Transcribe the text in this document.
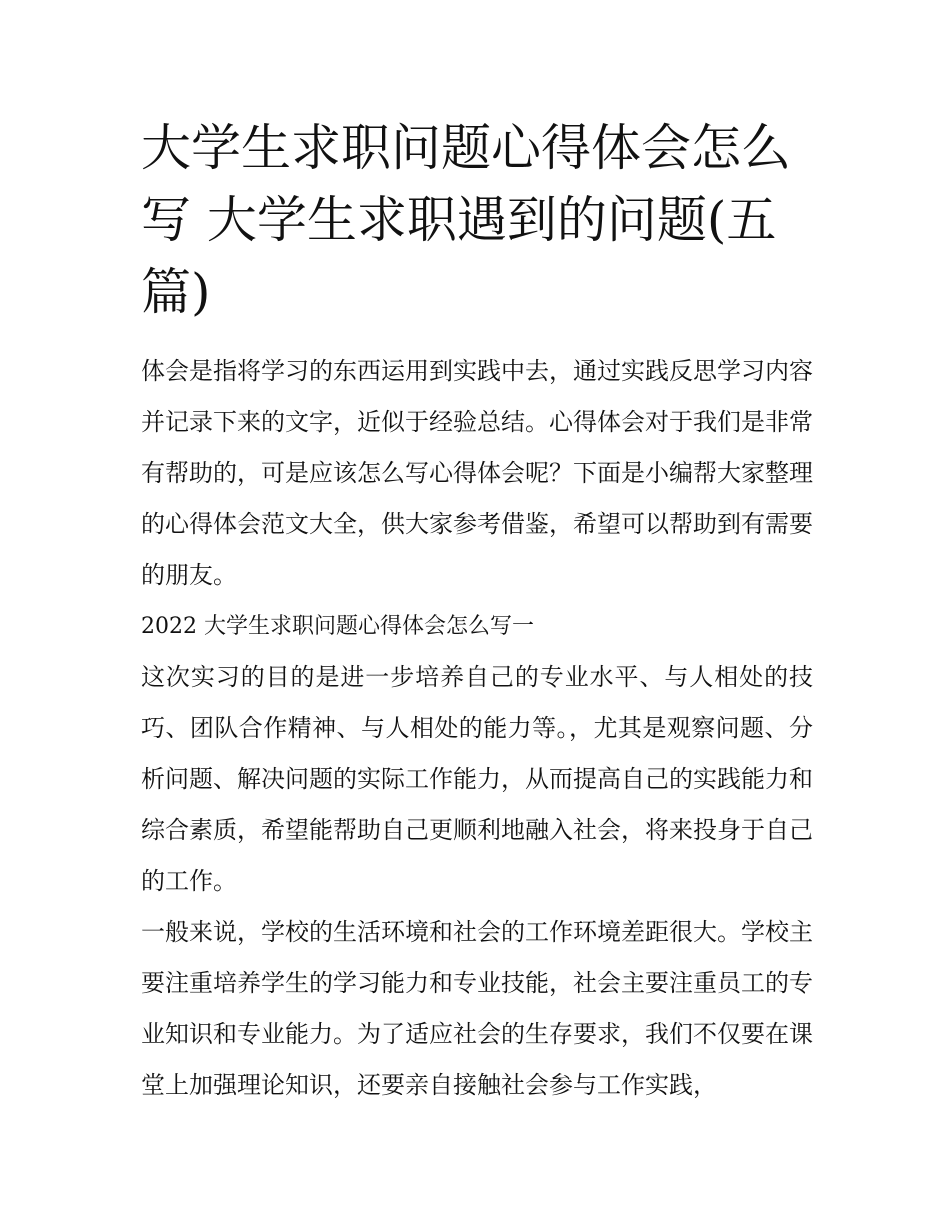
大学生求职问题心得体会怎么写 大学生求职遇到的问题(五篇)

体会是指将学习的东西运用到实践中去，通过实践反思学习内容并记录下来的文字，近似于经验总结。心得体会对于我们是非常有帮助的，可是应该怎么写心得体会呢？下面是小编帮大家整理的心得体会范文大全，供大家参考借鉴，希望可以帮助到有需要的朋友。

2022 大学生求职问题心得体会怎么写一

这次实习的目的是进一步培养自己的专业水平、与人相处的技巧、团队合作精神、与人相处的能力等。，尤其是观察问题、分析问题、解决问题的实际工作能力，从而提高自己的实践能力和综合素质，希望能帮助自己更顺利地融入社会，将来投身于自己的工作。

一般来说，学校的生活环境和社会的工作环境差距很大。学校主要注重培养学生的学习能力和专业技能，社会主要注重员工的专业知识和专业能力。为了适应社会的生存要求，我们不仅要在课堂上加强理论知识，还要亲自接触社会参与工作实践，
